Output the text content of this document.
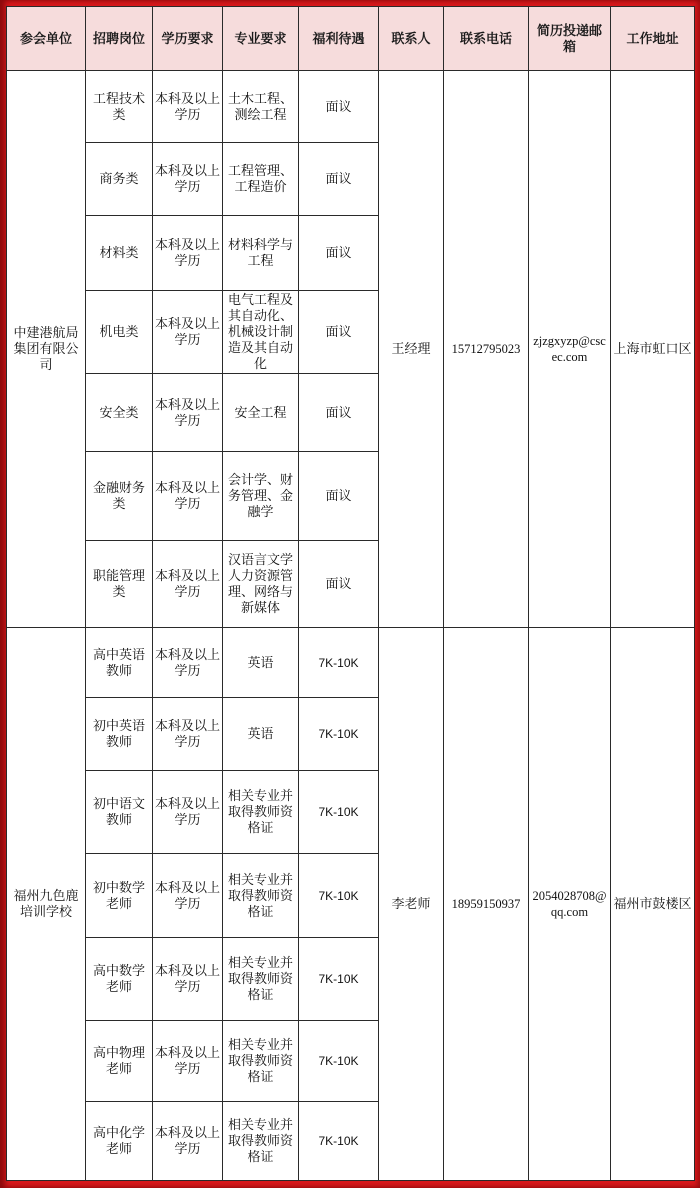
参会单位	招聘岗位	学历要求	专业要求	福利待遇	联系人	联系电话	简历投递邮箱	工作地址
中建港航局集团有限公司	工程技术类	本科及以上学历	土木工程、测绘工程	面议	王经理	15712795023	zjzgxyzp@cscec.com	上海市虹口区
	商务类	本科及以上学历	工程管理、工程造价	面议				
	材料类	本科及以上学历	材料科学与工程	面议				
	机电类	本科及以上学历	电气工程及其自动化、机械设计制造及其自动化	面议				
	安全类	本科及以上学历	安全工程	面议				
	金融财务类	本科及以上学历	会计学、财务管理、金融学	面议				
	职能管理类	本科及以上学历	汉语言文学人力资源管理、网络与新媒体	面议				
福州九色鹿培训学校	高中英语教师	本科及以上学历	英语	7K-10K	李老师	18959150937	2054028708@qq.com	福州市鼓楼区
	初中英语教师	本科及以上学历	英语	7K-10K				
	初中语文教师	本科及以上学历	相关专业并取得教师资格证	7K-10K				
	初中数学老师	本科及以上学历	相关专业并取得教师资格证	7K-10K				
	高中数学老师	本科及以上学历	相关专业并取得教师资格证	7K-10K				
	高中物理老师	本科及以上学历	相关专业并取得教师资格证	7K-10K				
	高中化学老师	本科及以上学历	相关专业并取得教师资格证	7K-10K				
